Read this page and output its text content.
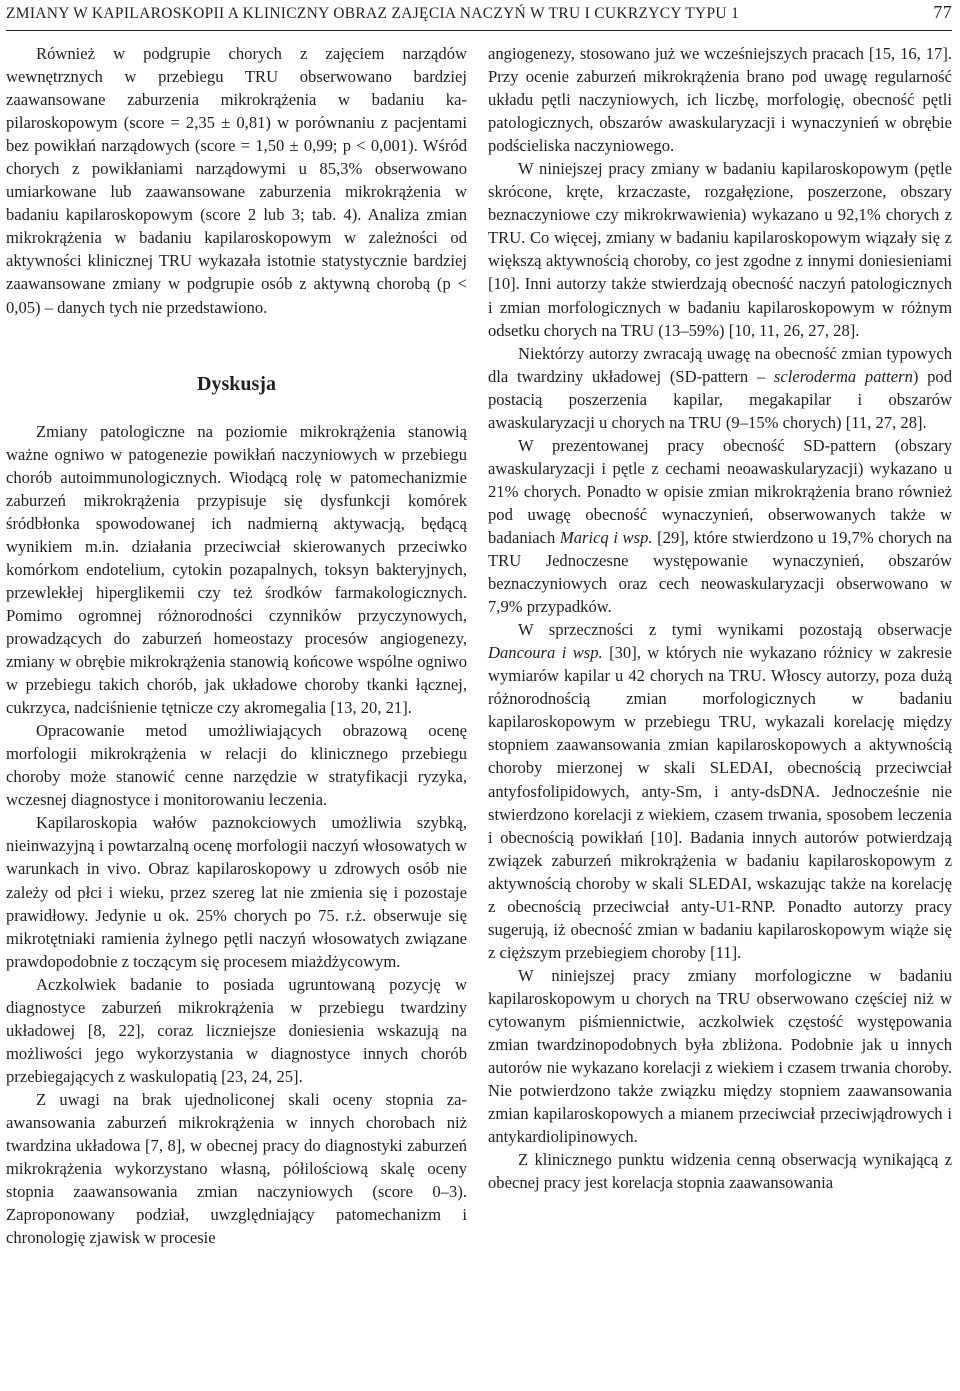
ZMIANY W KAPILAROSKOPII A KLINICZNY OBRAZ ZAJĘCIA NACZYŃ W TRU I CUKRZYCY TYPU 1	77

Również w podgrupie chorych z zajęciem narządów wewnętrznych w przebiegu TRU obserwowano bardziej zaawansowane zaburzenia mikrokrążenia w badaniu kapilaroskopowym (score = 2,35 ± 0,81) w porównaniu z pacjentami bez powikłań narządowych (score = 1,50 ± 0,99; p < 0,001). Wśród chorych z powikłaniami narządowymi u 85,3% obserwowano umiarkowane lub zaawansowane zaburzenia mikrokrążenia w badaniu kapilaroskopowym (score 2 lub 3; tab. 4). Analiza zmian mikrokrążenia w badaniu kapilaroskopowym w zależności od aktywności klinicznej TRU wykazała istotnie statystycznie bardziej zaawansowane zmiany w podgrupie osób z aktywną chorobą (p < 0,05) – danych tych nie przedstawiono.

Dyskusja

Zmiany patologiczne na poziomie mikrokrążenia stanowią ważne ogniwo w patogenezie powikłań naczyniowych w przebiegu chorób autoimmunologicznych. Wiodącą rolę w patomechanizmie zaburzeń mikrokrążenia przypisuje się dysfunkcji komórek śródbłonka spowodowanej ich nadmierną aktywacją, będącą wynikiem m.in. działania przeciwciał skierowanych przeciwko komórkom endotelium, cytokin pozapalnych, toksyn bakteryjnych, przewlekłej hiperglikemii czy też środków farmakologicznych. Pomimo ogromnej różnorodności czynników przyczynowych, prowadzących do zaburzeń homeostazy procesów angiogenezy, zmiany w obrębie mikrokrążenia stanowią końcowe wspólne ogniwo w przebiegu takich chorób, jak układowe choroby tkanki łącznej, cukrzyca, nadciśnienie tętnicze czy akromegalia [13, 20, 21].

Opracowanie metod umożliwiających obrazową ocenę morfologii mikrokrążenia w relacji do klinicznego przebiegu choroby może stanowić cenne narzędzie w stratyfikacji ryzyka, wczesnej diagnostyce i monitorowaniu leczenia.

Kapilaroskopia wałów paznokciowych umożliwia szybką, nieinwazyjną i powtarzalną ocenę morfologii naczyń włosowatych w warunkach in vivo. Obraz kapilaroskopowy u zdrowych osób nie zależy od płci i wieku, przez szereg lat nie zmienia się i pozostaje prawidłowy. Jedynie u ok. 25% chorych po 75. r.ż. obserwuje się mikrotętniaki ramienia żylnego pętli naczyń włosowatych związane prawdopodobnie z toczącym się procesem miażdżycowym.

Aczkolwiek badanie to posiada ugruntowaną pozycję w diagnostyce zaburzeń mikrokrążenia w przebiegu twardziny układowej [8, 22], coraz liczniejsze doniesienia wskazują na możliwości jego wykorzystania w diagnostyce innych chorób przebiegających z waskulopatią [23, 24, 25].

Z uwagi na brak ujednoliconej skali oceny stopnia zaawansowania zaburzeń mikrokrążenia w innych chorobach niż twardzina układowa [7, 8], w obecnej pracy do diagnostyki zaburzeń mikrokrążenia wykorzystano własną, półilościową skalę oceny stopnia zaawansowania zmian naczyniowych (score 0–3). Zaproponowany podział, uwzględniający patomechanizm i chronologię zjawisk w procesie

angiogenezy, stosowano już we wcześniejszych pracach [15, 16, 17]. Przy ocenie zaburzeń mikrokrążenia brano pod uwagę regularność układu pętli naczyniowych, ich liczbę, morfologię, obecność pętli patologicznych, obszarów awaskularyzacji i wynaczynień w obrębie podścieliska naczyniowego.

W niniejszej pracy zmiany w badaniu kapilaroskopowym (pętle skrócone, kręte, krzaczaste, rozgałęzione, poszerzone, obszary beznaczyniowe czy mikrokrwawienia) wykazano u 92,1% chorych z TRU. Co więcej, zmiany w badaniu kapilaroskopowym wiązały się z większą aktywnością choroby, co jest zgodne z innymi doniesieniami [10]. Inni autorzy także stwierdzają obecność naczyń patologicznych i zmian morfologicznych w badaniu kapilaroskopowym w różnym odsetku chorych na TRU (13–59%) [10, 11, 26, 27, 28].

Niektórzy autorzy zwracają uwagę na obecność zmian typowych dla twardziny układowej (SD-pattern – scleroderma pattern) pod postacią poszerzenia kapilar, megakapilar i obszarów awaskularyzacji u chorych na TRU (9–15% chorych) [11, 27, 28].

W prezentowanej pracy obecność SD-pattern (obszary awaskularyzacji i pętle z cechami neoawaskularyzacji) wykazano u 21% chorych. Ponadto w opisie zmian mikrokrążenia brano również pod uwagę obecność wynaczynień, obserwowanych także w badaniach Maricq i wsp. [29], które stwierdzono u 19,7% chorych na TRU Jednoczesne występowanie wynaczynień, obszarów beznaczyniowych oraz cech neowaskularyzacji obserwowano w 7,9% przypadków.

W sprzeczności z tymi wynikami pozostają obserwacje Dancoura i wsp. [30], w których nie wykazano różnicy w zakresie wymiarów kapilar u 42 chorych na TRU. Włoscy autorzy, poza dużą różnorodnością zmian morfologicznych w badaniu kapilaroskopowym w przebiegu TRU, wykazali korelację między stopniem zaawansowania zmian kapilaroskopowych a aktywnością choroby mierzonej w skali SLEDAI, obecnością przeciwciał antyfosfolipidowych, anty-Sm, i anty-dsDNA. Jednocześnie nie stwierdzono korelacji z wiekiem, czasem trwania, sposobem leczenia i obecnością powikłań [10]. Badania innych autorów potwierdzają związek zaburzeń mikrokrążenia w badaniu kapilaroskopowym z aktywnością choroby w skali SLEDAI, wskazując także na korelację z obecnością przeciwciał anty-U1-RNP. Ponadto autorzy pracy sugerują, iż obecność zmian w badaniu kapilaroskopowym wiąże się z cięższym przebiegiem choroby [11].

W niniejszej pracy zmiany morfologiczne w badaniu kapilaroskopowym u chorych na TRU obserwowano częściej niż w cytowanym piśmiennictwie, aczkolwiek częstość występowania zmian twardzinopodobnych była zbliżona. Podobnie jak u innych autorów nie wykazano korelacji z wiekiem i czasem trwania choroby. Nie potwierdzono także związku między stopniem zaawansowania zmian kapilaroskopowych a mianem przeciwciał przeciwjądrowych i antykardiolipinowych.

Z klinicznego punktu widzenia cenną obserwacją wynikającą z obecnej pracy jest korelacja stopnia zaawansowania
